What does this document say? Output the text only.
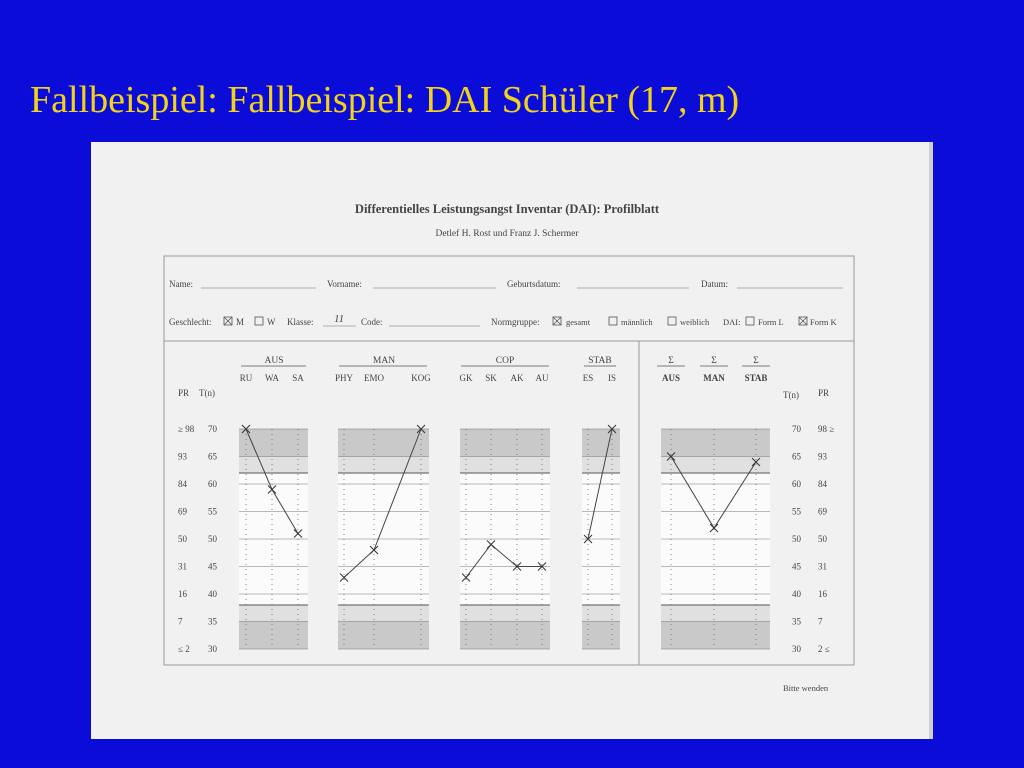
Fallbeispiel: Fallbeispiel: DAI Schüler (17, m)
Differentielles Leistungsangst Inventar (DAI): Profilblatt
Detlef H. Rost und Franz J. Schermer
Name:	Vorname:	Geburtsdatum:	Datum:
Geschlecht:	M	W Klasse: 11 Code:	Normgruppe:	gesamt	männlich	weiblich DAI: Form L	Form K
PR T(n)	T(n) PR
≥ 98 70
93 65
84 60
69 55
50 50
31 45
16 40
7	35
≤ 2 30
70 98 ≥
65 93
60 84
55 69
50 50
45 31
40 16
35 7
30 2 ≤
AUS
RU WA SA
MAN
PHY EMO	KOG
COP
GK SK AK AU
STAB
ES IS
Σ
AUS
Σ
MAN
Σ
STAB
Bitte wenden
